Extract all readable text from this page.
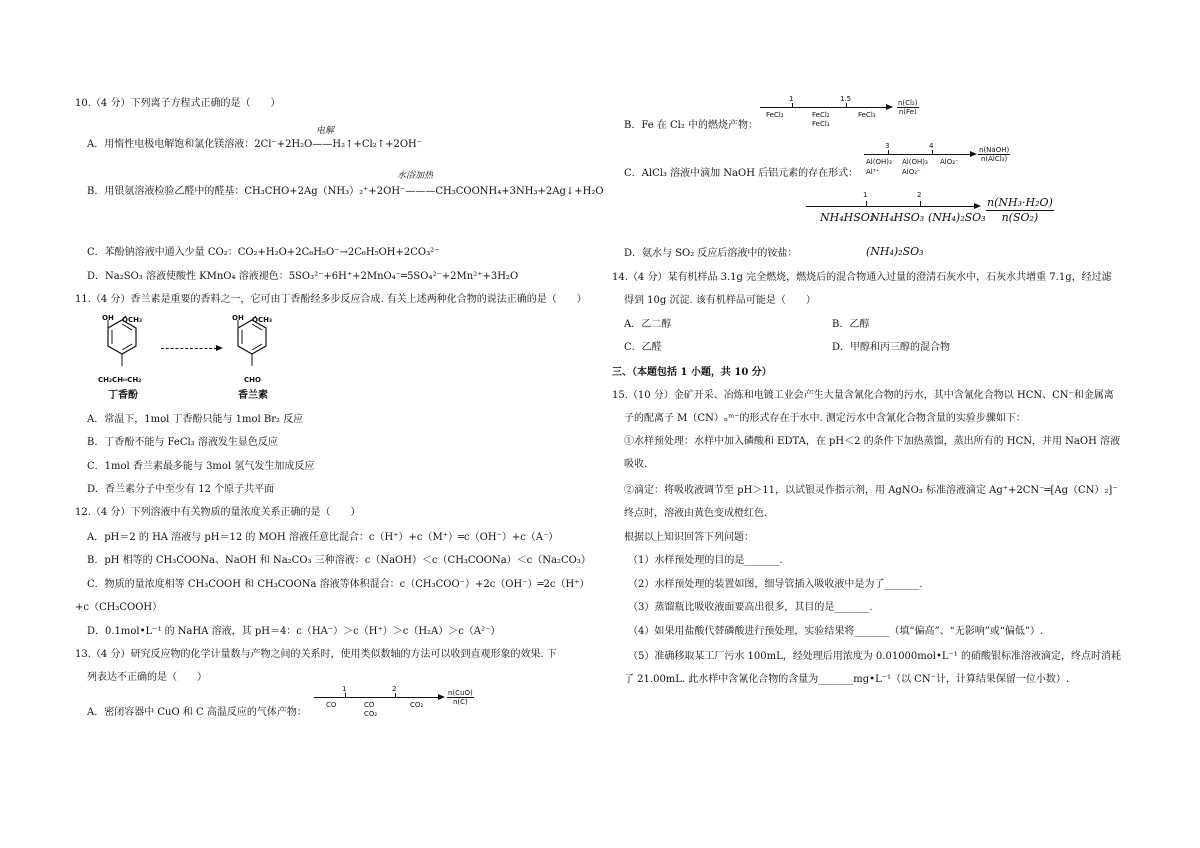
10.（4 分）下列离子方程式正确的是（　　）
电解
A．用惰性电极电解饱和氯化镁溶液：2Cl⁻+2H₂O——H₂↑+Cl₂↑+2OH⁻
水浴加热
B．用银氨溶液检验乙醛中的醛基：CH₃CHO+2Ag（NH₃）₂⁺+2OH⁻———CH₃COONH₄+3NH₃+2Ag↓+H₂O
C．苯酚钠溶液中通入少量 CO₂：CO₂+H₂O+2C₆H₅O⁻→2C₆H₅OH+2CO₃²⁻
D．Na₂SO₃ 溶液使酸性 KMnO₄ 溶液褪色：5SO₃²⁻+6H⁺+2MnO₄⁻═5SO₄²⁻+2Mn²⁺+3H₂O
11.（4 分）香兰素是重要的香料之一，它可由丁香酚经多步反应合成. 有关上述两种化合物的说法正确的是（　　）
OH OCH₃
CH₂CH═CH₂
丁香酚
OH OCH₃
CHO
香兰素
A．常温下，1mol 丁香酚只能与 1mol Br₂ 反应
B．丁香酚不能与 FeCl₃ 溶液发生显色反应
C．1mol 香兰素最多能与 3mol 氢气发生加成反应
D．香兰素分子中至少有 12 个原子共平面
12.（4 分）下列溶液中有关物质的量浓度关系正确的是（　　）
A．pH＝2 的 HA 溶液与 pH＝12 的 MOH 溶液任意比混合：c（H⁺）+c（M⁺）═c（OH⁻）+c（A⁻）
B．pH 相等的 CH₃COONa、NaOH 和 Na₂CO₃ 三种溶液：c（NaOH）＜c（CH₃COONa）＜c（Na₂CO₃）
C．物质的量浓度相等 CH₃COOH 和 CH₃COONa 溶液等体积混合：c（CH₃COO⁻）+2c（OH⁻）═2c（H⁺）
+c（CH₃COOH）
D．0.1mol•L⁻¹ 的 NaHA 溶液，其 pH＝4：c（HA⁻）＞c（H⁺）＞c（H₂A）＞c（A²⁻）
13.（4 分）研究反应物的化学计量数与产物之间的关系时，使用类似数轴的方法可以收到直观形象的效果. 下
列表达不正确的是（　　）
A．密闭容器中 CuO 和 C 高温反应的气体产物：
1	2
CO	CO
CO₂
CO₂
n(CuO)
n(C)
B．Fe 在 Cl₂ 中的燃烧产物：
1	1.5
FeCl₂	FeCl₂
FeCl₃
FeCl₃	$\frac{\text{n(Cl₂)}}{n(Fe)}$
C．AlCl₃ 溶液中滴加 NaOH 后铝元素的存在形式：
3	4
Al(OH)₃
Al³⁺
Al(OH)₃
AlO₂⁻
AlO₂⁻
n(NaOH)
n(AlCl₃)
1	2
NH₄HSO₃
NH₄HSO₃ (NH₄)₂SO₃
(NH₄)₂SO₃
$\frac{\text{n(NH₃·H₂O)}}{\text{n(SO₂)}}$
D．氨水与 SO₂ 反应后溶液中的铵盐：
14.（4 分）某有机样品 3.1g 完全燃烧，燃烧后的混合物通入过量的澄清石灰水中，石灰水共增重 7.1g，经过滤
得到 10g 沉淀. 该有机样品可能是（　　）
A．乙二醇	B．乙醇
C．乙醛	D．甲醇和丙三醇的混合物
三、（本题包括 1 小题，共 10 分）
15.（10 分）金矿开采、冶炼和电镀工业会产生大量含氰化合物的污水，其中含氰化合物以 HCN、CN⁻和金属离
子的配离子 M（CN）ₙᵐ⁻的形式存在于水中. 测定污水中含氰化合物含量的实验步骤如下：
①水样预处理：水样中加入磷酸和 EDTA，在 pH＜2 的条件下加热蒸馏，蒸出所有的 HCN，并用 NaOH 溶液
吸收.
②滴定：将吸收液调节至 pH＞11，以试银灵作指示剂，用 AgNO₃ 标准溶液滴定 Ag⁺+2CN⁻═[Ag（CN）₂]⁻
终点时，溶液由黄色变成橙红色.
根据以上知识回答下列问题：
（1）水样预处理的目的是_______.
（2）水样预处理的装置如图，细导管插入吸收液中是为了_______.
（3）蒸馏瓶比吸收液面要高出很多，其目的是_______.
（4）如果用盐酸代替磷酸进行预处理，实验结果将_______（填“偏高”、“无影响”或“偏低”）.
（5）准确移取某工厂污水 100mL，经处理后用浓度为 0.01000mol•L⁻¹ 的硝酸银标准溶液滴定，终点时消耗
了 21.00mL. 此水样中含氰化合物的含量为_______mg•L⁻¹（以 CN⁻计，计算结果保留一位小数）.
